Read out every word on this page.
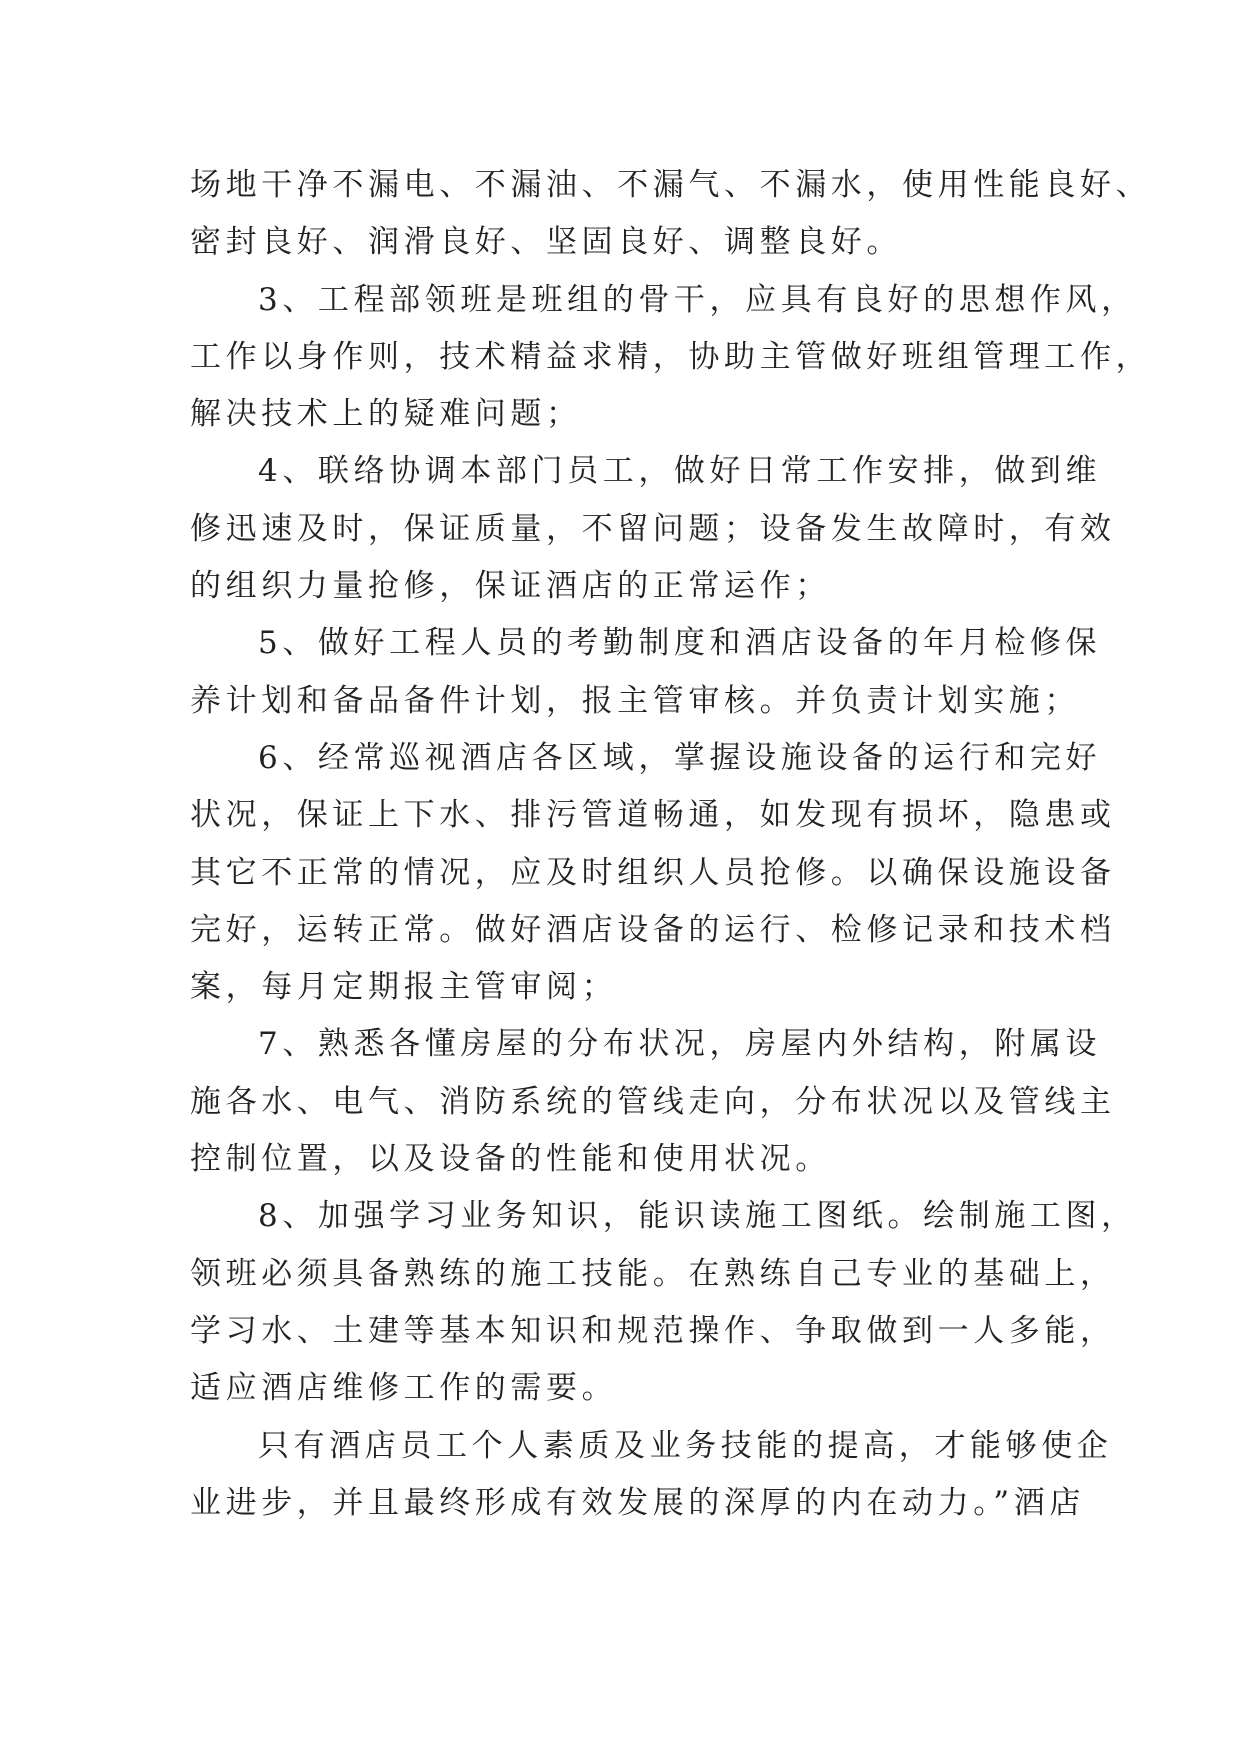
场地干净不漏电、不漏油、不漏气、不漏水，使用性能良好、
密封良好、润滑良好、坚固良好、调整良好。
3、工程部领班是班组的骨干，应具有良好的思想作风，
工作以身作则，技术精益求精，协助主管做好班组管理工作，
解决技术上的疑难问题；
4、联络协调本部门员工，做好日常工作安排，做到维
修迅速及时，保证质量，不留问题；设备发生故障时，有效
的组织力量抢修，保证酒店的正常运作；
5、做好工程人员的考勤制度和酒店设备的年月检修保
养计划和备品备件计划，报主管审核。并负责计划实施；
6、经常巡视酒店各区域，掌握设施设备的运行和完好
状况，保证上下水、排污管道畅通，如发现有损坏，隐患或
其它不正常的情况，应及时组织人员抢修。以确保设施设备
完好，运转正常。做好酒店设备的运行、检修记录和技术档
案，每月定期报主管审阅；
7、熟悉各懂房屋的分布状况，房屋内外结构，附属设
施各水、电气、消防系统的管线走向，分布状况以及管线主
控制位置，以及设备的性能和使用状况。
8、加强学习业务知识，能识读施工图纸。绘制施工图，
领班必须具备熟练的施工技能。在熟练自己专业的基础上，
学习水、土建等基本知识和规范操作、争取做到一人多能，
适应酒店维修工作的需要。
只有酒店员工个人素质及业务技能的提高，才能够使企
业进步，并且最终形成有效发展的深厚的内在动力。”酒店
